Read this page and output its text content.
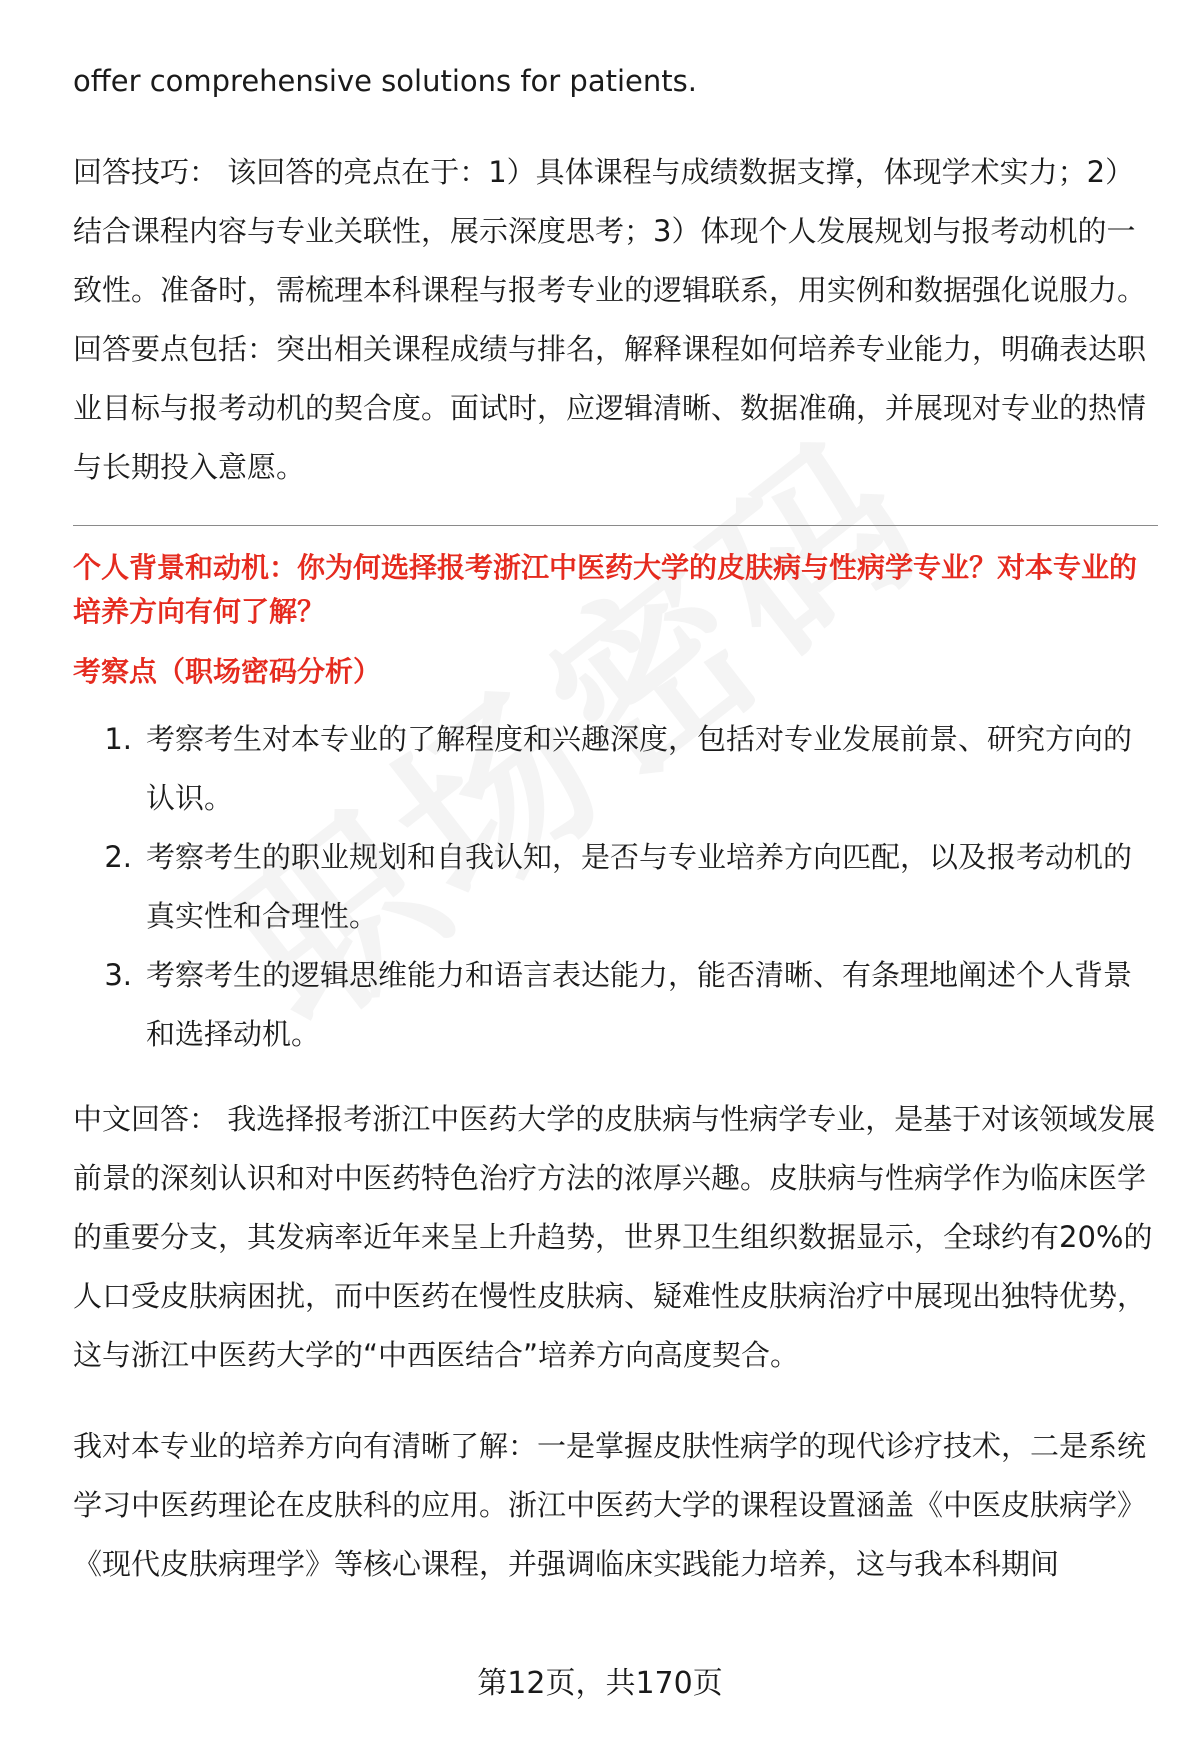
offer comprehensive solutions for patients.

回答技巧： 该回答的亮点在于：1）具体课程与成绩数据支撑，体现学术实力；2）结合课程内容与专业关联性，展示深度思考；3）体现个人发展规划与报考动机的一致性。准备时，需梳理本科课程与报考专业的逻辑联系，用实例和数据强化说服力。回答要点包括：突出相关课程成绩与排名，解释课程如何培养专业能力，明确表达职业目标与报考动机的契合度。面试时，应逻辑清晰、数据准确，并展现对专业的热情与长期投入意愿。

个人背景和动机：你为何选择报考浙江中医药大学的皮肤病与性病学专业？对本专业的培养方向有何了解？

考察点（职场密码分析）

1. 考察考生对本专业的了解程度和兴趣深度，包括对专业发展前景、研究方向的认识。
2. 考察考生的职业规划和自我认知，是否与专业培养方向匹配，以及报考动机的真实性和合理性。
3. 考察考生的逻辑思维能力和语言表达能力，能否清晰、有条理地阐述个人背景和选择动机。

中文回答： 我选择报考浙江中医药大学的皮肤病与性病学专业，是基于对该领域发展前景的深刻认识和对中医药特色治疗方法的浓厚兴趣。皮肤病与性病学作为临床医学的重要分支，其发病率近年来呈上升趋势，世界卫生组织数据显示，全球约有20%的人口受皮肤病困扰，而中医药在慢性皮肤病、疑难性皮肤病治疗中展现出独特优势，这与浙江中医药大学的“中西医结合”培养方向高度契合。

我对本专业的培养方向有清晰了解：一是掌握皮肤性病学的现代诊疗技术，二是系统学习中医药理论在皮肤科的应用。浙江中医药大学的课程设置涵盖《中医皮肤病学》《现代皮肤病理学》等核心课程，并强调临床实践能力培养，这与我本科期间

第12页，共170页
